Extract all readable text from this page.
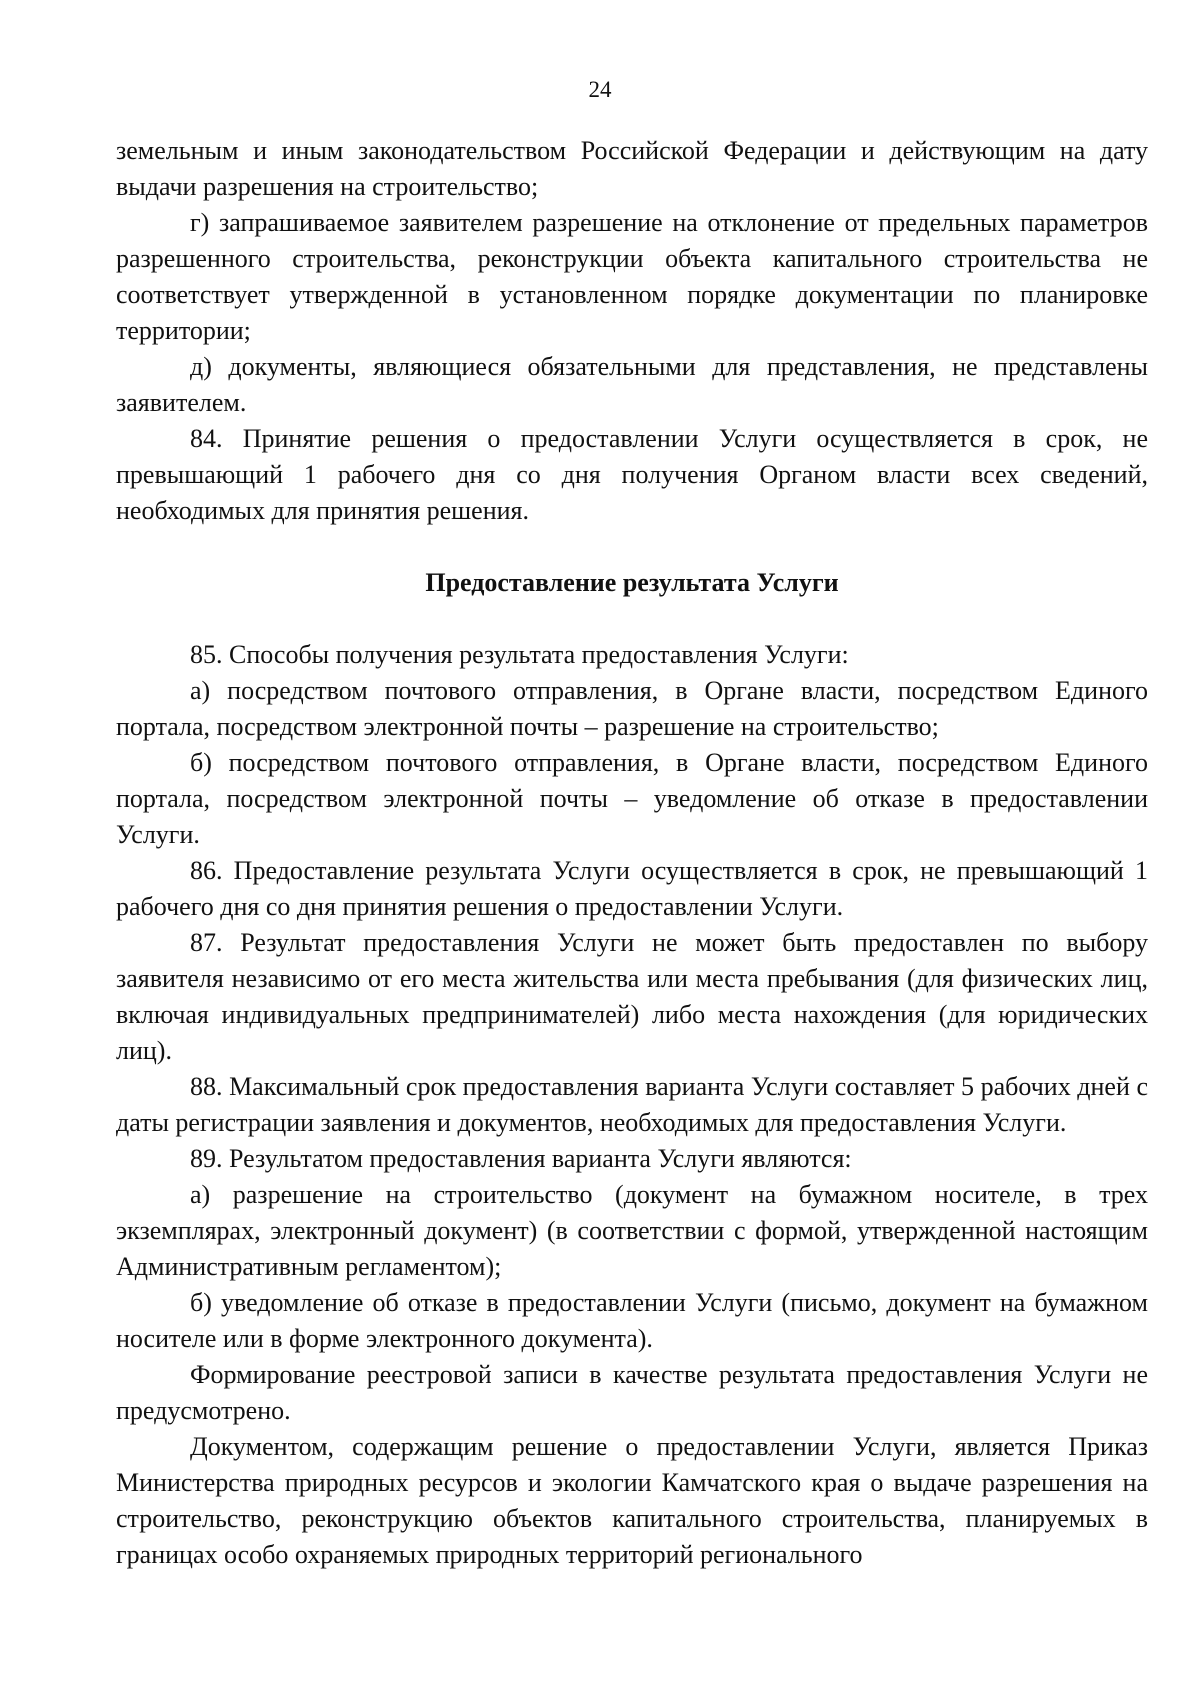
24

земельным и иным законодательством Российской Федерации и действующим на дату выдачи разрешения на строительство;

г) запрашиваемое заявителем разрешение на отклонение от предельных параметров разрешенного строительства, реконструкции объекта капитального строительства не соответствует утвержденной в установленном порядке документации по планировке территории;

д) документы, являющиеся обязательными для представления, не представлены заявителем.

84. Принятие решения о предоставлении Услуги осуществляется в срок, не превышающий 1 рабочего дня со дня получения Органом власти всех сведений, необходимых для принятия решения.

Предоставление результата Услуги

85. Способы получения результата предоставления Услуги:

а) посредством почтового отправления, в Органе власти, посредством Единого портала, посредством электронной почты – разрешение на строительство;

б) посредством почтового отправления, в Органе власти, посредством Единого портала, посредством электронной почты – уведомление об отказе в предоставлении Услуги.

86. Предоставление результата Услуги осуществляется в срок, не превышающий 1 рабочего дня со дня принятия решения о предоставлении Услуги.

87. Результат предоставления Услуги не может быть предоставлен по выбору заявителя независимо от его места жительства или места пребывания (для физических лиц, включая индивидуальных предпринимателей) либо места нахождения (для юридических лиц).

88. Максимальный срок предоставления варианта Услуги составляет 5 рабочих дней с даты регистрации заявления и документов, необходимых для предоставления Услуги.

89. Результатом предоставления варианта Услуги являются:

а) разрешение на строительство (документ на бумажном носителе, в трех экземплярах, электронный документ) (в соответствии с формой, утвержденной настоящим Административным регламентом);

б) уведомление об отказе в предоставлении Услуги (письмо, документ на бумажном носителе или в форме электронного документа).

Формирование реестровой записи в качестве результата предоставления Услуги не предусмотрено.

Документом, содержащим решение о предоставлении Услуги, является Приказ Министерства природных ресурсов и экологии Камчатского края о выдаче разрешения на строительство, реконструкцию объектов капитального строительства, планируемых в границах особо охраняемых природных территорий регионального
